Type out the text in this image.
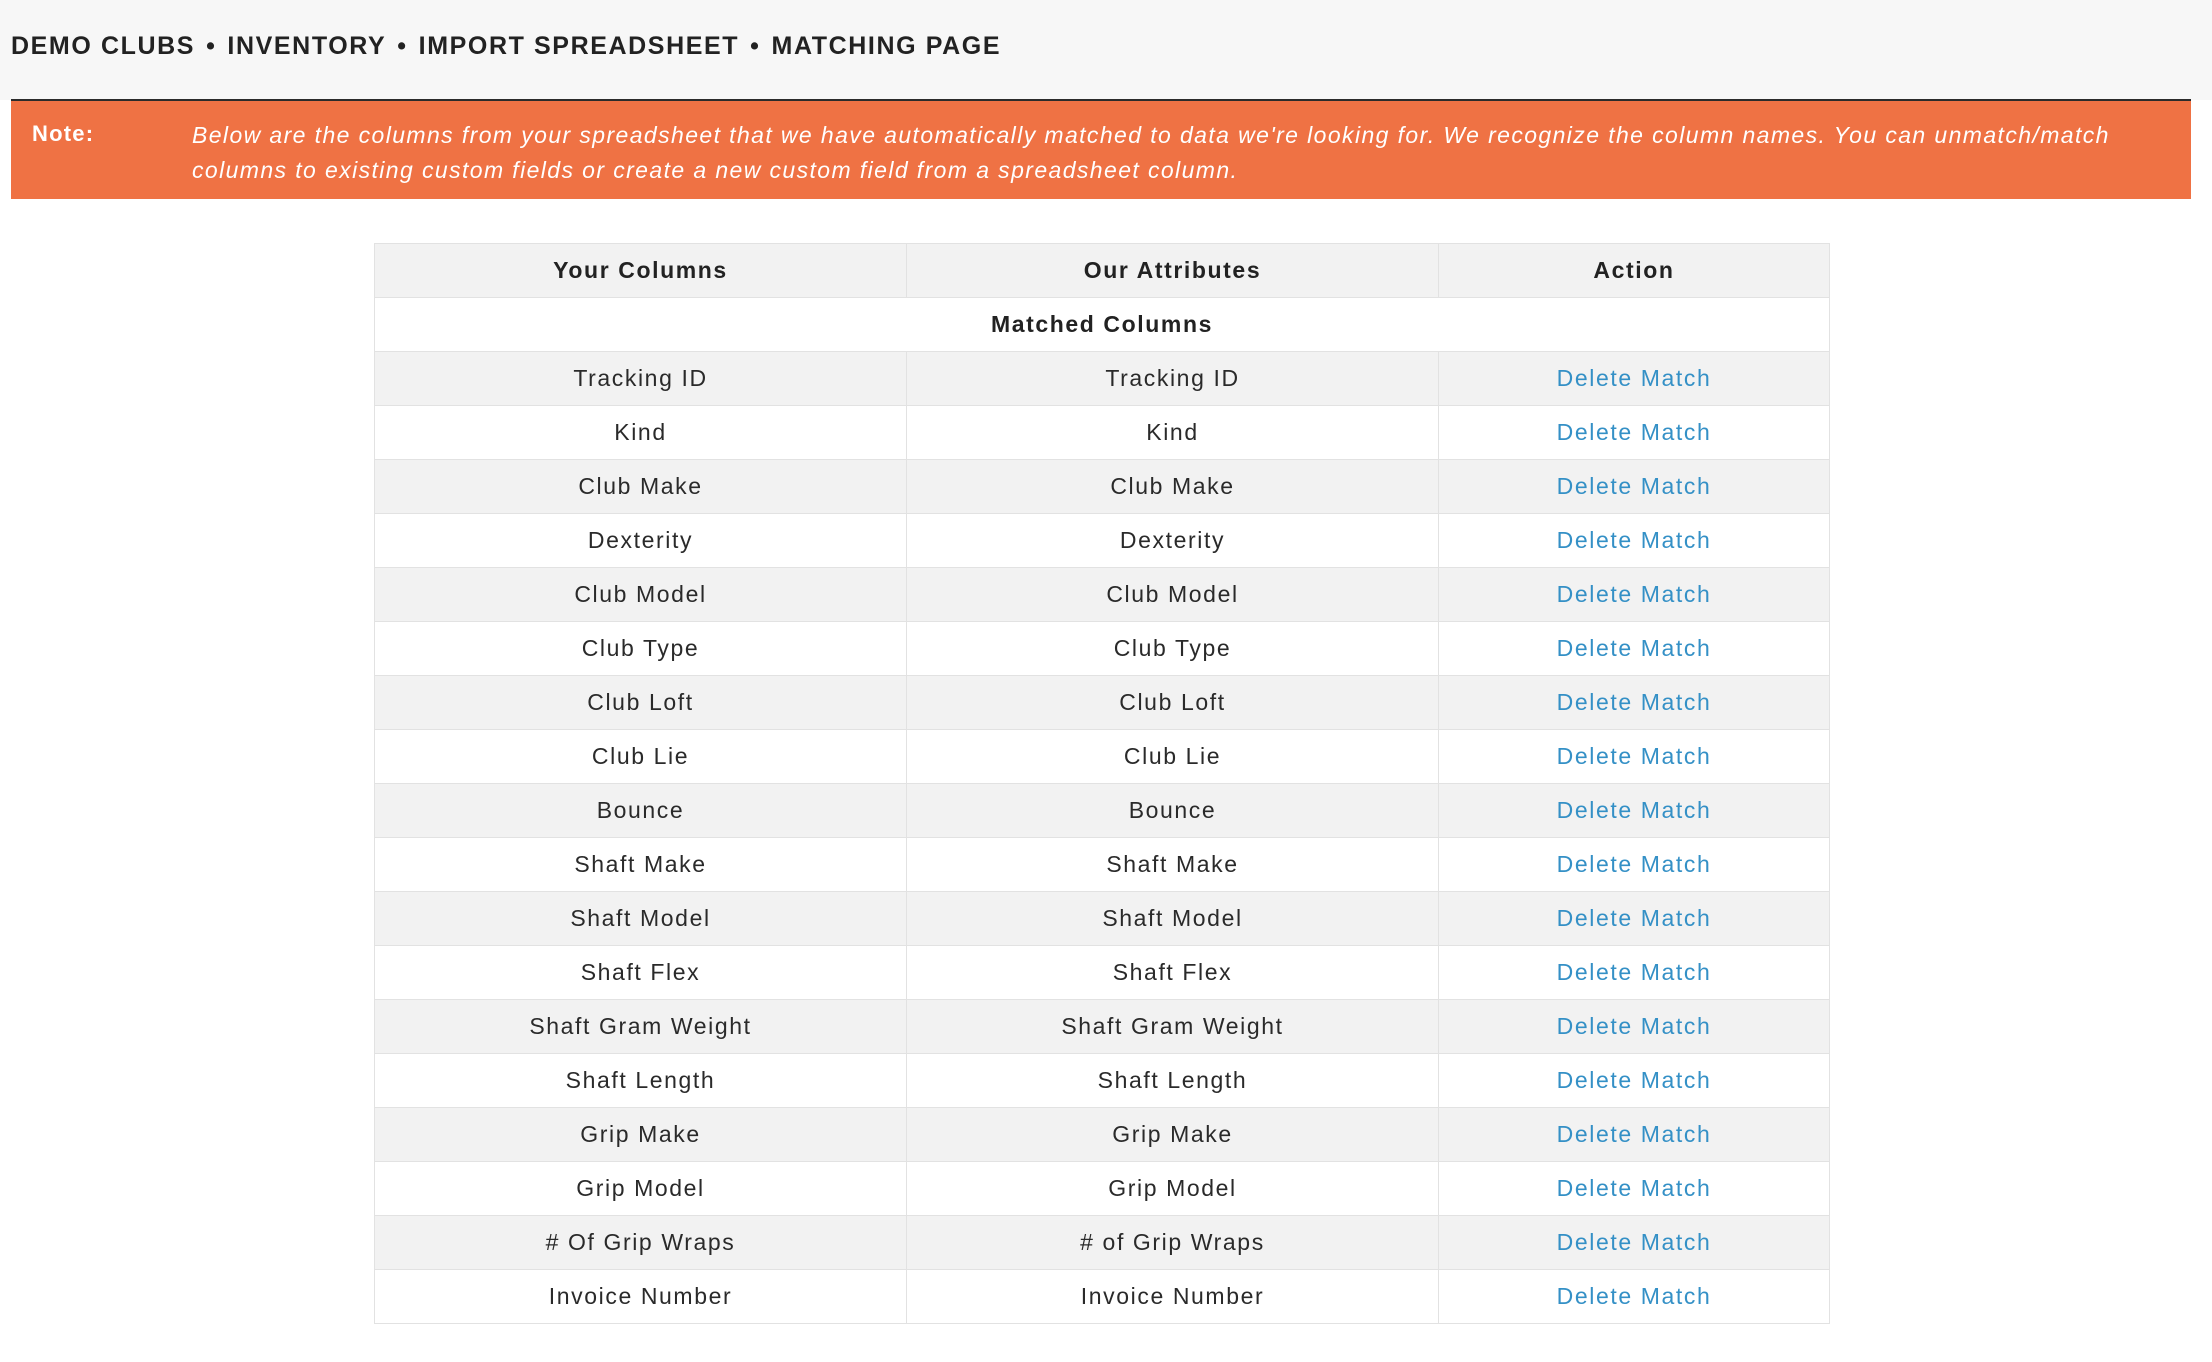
DEMO CLUBS • INVENTORY • IMPORT SPREADSHEET • MATCHING PAGE
Note:	Below are the columns from your spreadsheet that we have automatically matched to data we're looking for. We recognize the column names. You can unmatch/match columns to existing custom fields or create a new custom field from a spreadsheet column.
Your Columns	Our Attributes	Action
Matched Columns		
Tracking ID	Tracking ID	Delete Match
Kind	Kind	Delete Match
Club Make	Club Make	Delete Match
Dexterity	Dexterity	Delete Match
Club Model	Club Model	Delete Match
Club Type	Club Type	Delete Match
Club Loft	Club Loft	Delete Match
Club Lie	Club Lie	Delete Match
Bounce	Bounce	Delete Match
Shaft Make	Shaft Make	Delete Match
Shaft Model	Shaft Model	Delete Match
Shaft Flex	Shaft Flex	Delete Match
Shaft Gram Weight	Shaft Gram Weight	Delete Match
Shaft Length	Shaft Length	Delete Match
Grip Make	Grip Make	Delete Match
Grip Model	Grip Model	Delete Match
# Of Grip Wraps	# of Grip Wraps	Delete Match
Invoice Number	Invoice Number	Delete Match
